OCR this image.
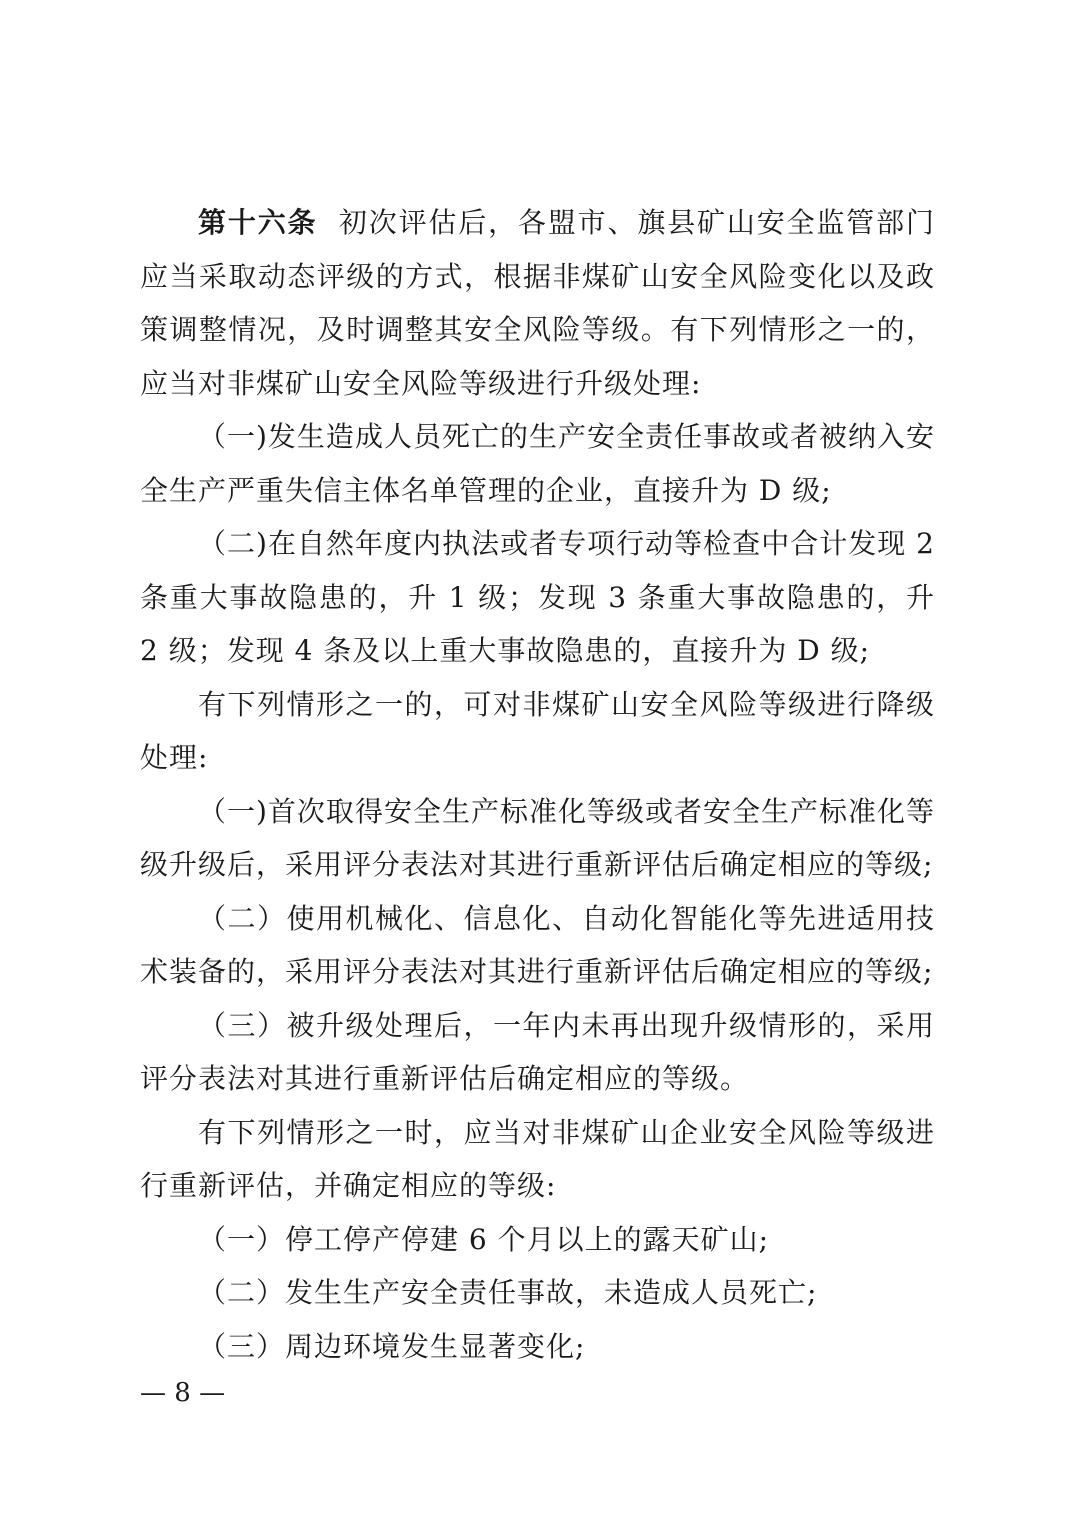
第十六条 初次评估后，各盟市、旗县矿山安全监管部门应当采取动态评级的方式，根据非煤矿山安全风险变化以及政策调整情况，及时调整其安全风险等级。有下列情形之一的，应当对非煤矿山安全风险等级进行升级处理:

（一)发生造成人员死亡的生产安全责任事故或者被纳入安全生产严重失信主体名单管理的企业，直接升为 D 级;

（二)在自然年度内执法或者专项行动等检查中合计发现 2 条重大事故隐患的，升 1 级；发现 3 条重大事故隐患的，升 2 级；发现 4 条及以上重大事故隐患的，直接升为 D 级;

有下列情形之一的，可对非煤矿山安全风险等级进行降级处理:

（一)首次取得安全生产标准化等级或者安全生产标准化等级升级后，采用评分表法对其进行重新评估后确定相应的等级;

（二）使用机械化、信息化、自动化智能化等先进适用技术装备的，采用评分表法对其进行重新评估后确定相应的等级;

（三）被升级处理后，一年内未再出现升级情形的，采用评分表法对其进行重新评估后确定相应的等级。

有下列情形之一时，应当对非煤矿山企业安全风险等级进行重新评估，并确定相应的等级:

（一）停工停产停建 6 个月以上的露天矿山;

（二）发生生产安全责任事故，未造成人员死亡;

（三）周边环境发生显著变化;

— 8 —
